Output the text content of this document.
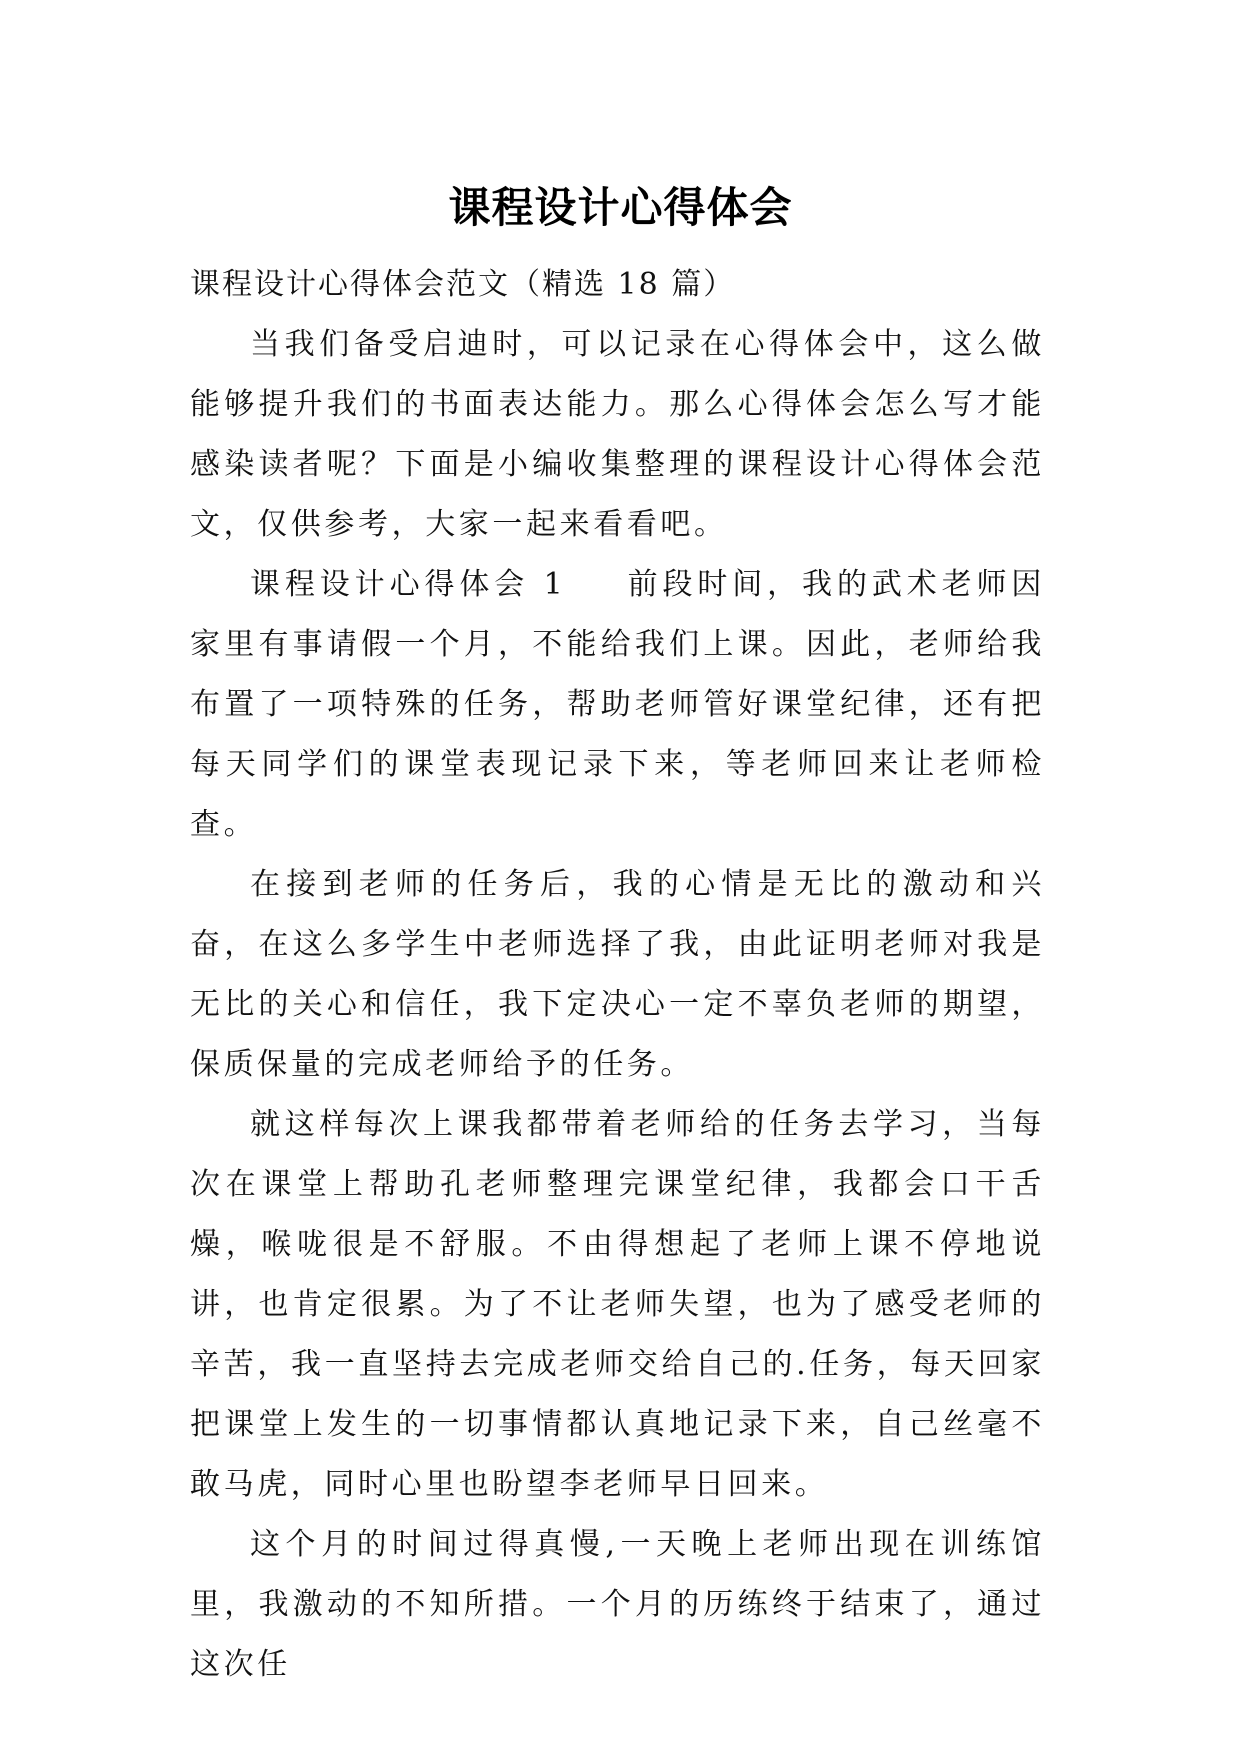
课程设计心得体会

课程设计心得体会范文（精选 18 篇）

当我们备受启迪时，可以记录在心得体会中，这么做能够提升我们的书面表达能力。那么心得体会怎么写才能感染读者呢？下面是小编收集整理的课程设计心得体会范文，仅供参考，大家一起来看看吧。

课程设计心得体会 1 前段时间，我的武术老师因家里有事请假一个月，不能给我们上课。因此，老师给我布置了一项特殊的任务，帮助老师管好课堂纪律，还有把每天同学们的课堂表现记录下来，等老师回来让老师检查。

在接到老师的任务后，我的心情是无比的激动和兴奋，在这么多学生中老师选择了我，由此证明老师对我是无比的关心和信任，我下定决心一定不辜负老师的期望，保质保量的完成老师给予的任务。

就这样每次上课我都带着老师给的任务去学习，当每次在课堂上帮助孔老师整理完课堂纪律，我都会口干舌燥，喉咙很是不舒服。不由得想起了老师上课不停地说讲，也肯定很累。为了不让老师失望，也为了感受老师的辛苦，我一直坚持去完成老师交给自己的.任务，每天回家把课堂上发生的一切事情都认真地记录下来，自己丝毫不敢马虎，同时心里也盼望李老师早日回来。

这个月的时间过得真慢,一天晚上老师出现在训练馆里，我激动的不知所措。一个月的历练终于结束了，通过这次任
